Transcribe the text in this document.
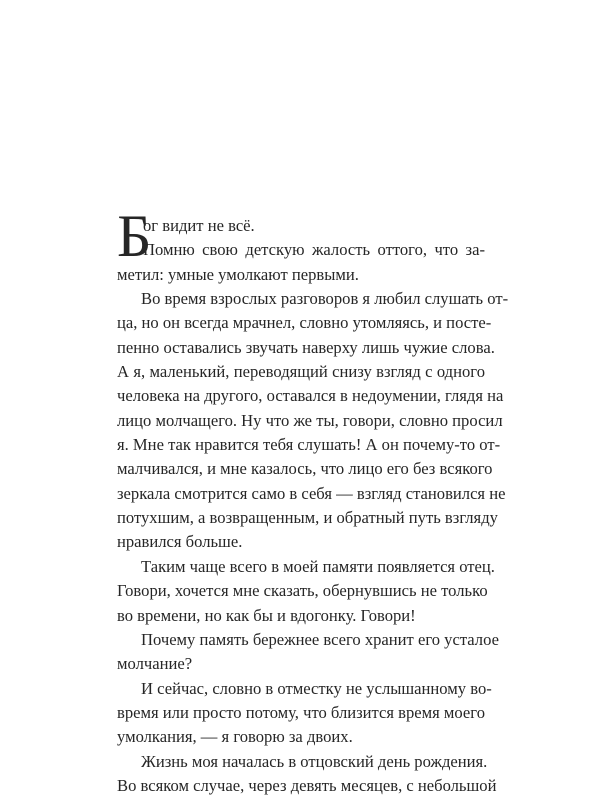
Б
ог видит не всё.
Помню свою детскую жалость оттого, что за-
метил: умные умолкают первыми.
Во время взрослых разговоров я любил слушать от-
ца, но он всегда мрачнел, словно утомляясь, и посте-
пенно оставались звучать наверху лишь чужие слова.
А я, маленький, переводящий снизу взгляд с одного
человека на другого, оставался в недоумении, глядя на
лицо молчащего. Ну что же ты, говори, словно просил
я. Мне так нравится тебя слушать! А он почему-то от-
малчивался, и мне казалось, что лицо его без всякого
зеркала смотрится само в себя — взгляд становился не
потухшим, а возвращенным, и обратный путь взгляду
нравился больше.
Таким чаще всего в моей памяти появляется отец.
Говори, хочется мне сказать, обернувшись не только
во времени, но как бы и вдогонку. Говори!
Почему память бережнее всего хранит его усталое
молчание?
И сейчас, словно в отместку не услышанному во-
время или просто потому, что близится время моего
умолкания, — я говорю за двоих.
Жизнь моя началась в отцовский день рождения.
Во всяком случае, через девять месяцев, с небольшой
